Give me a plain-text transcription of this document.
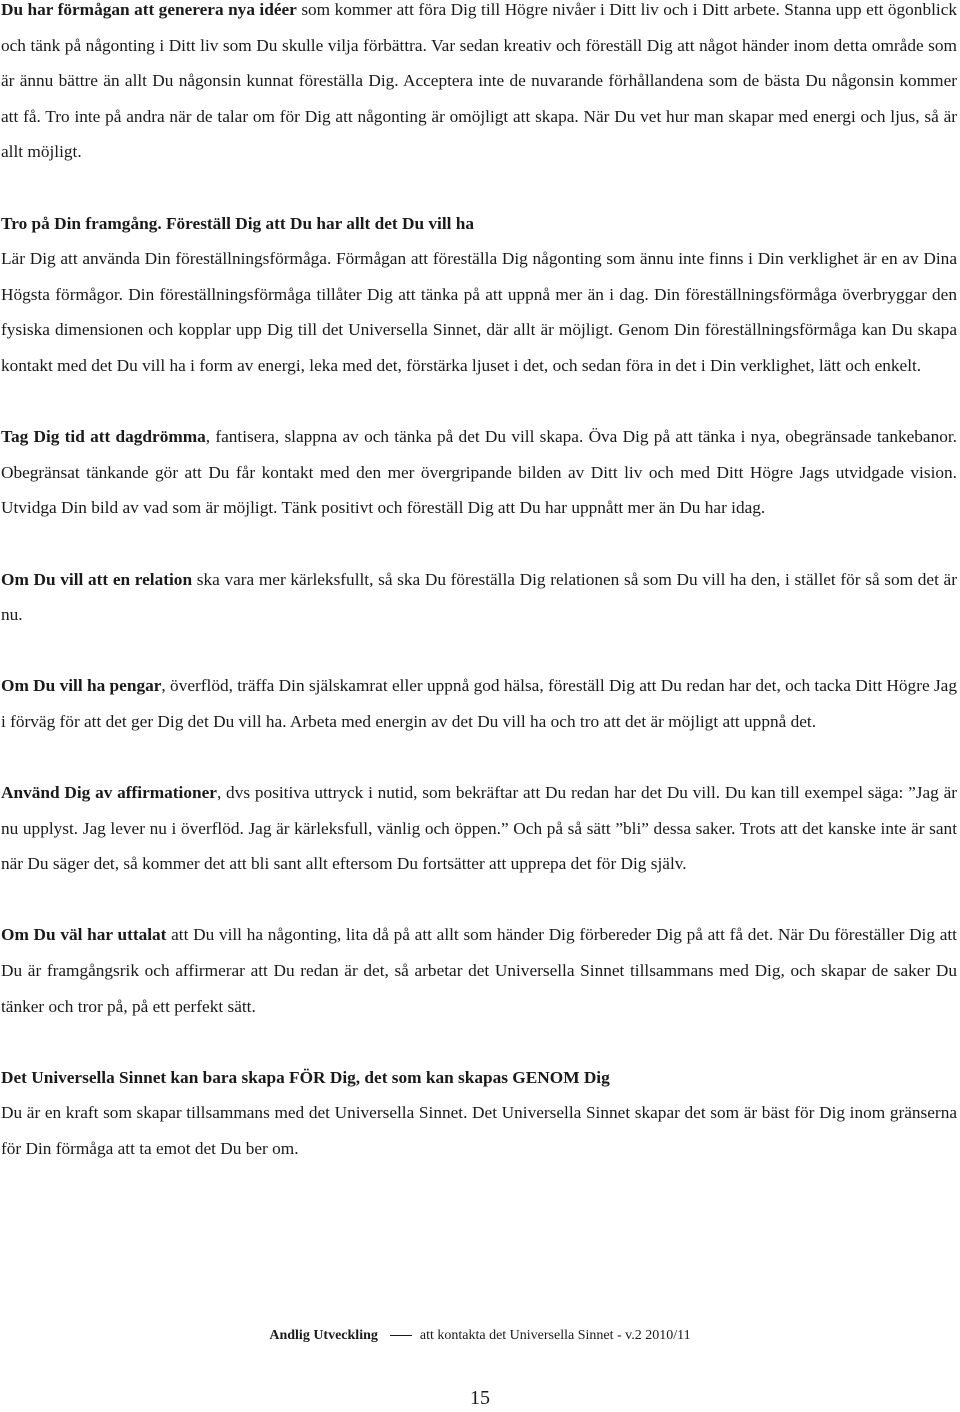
Du har förmågan att generera nya idéer som kommer att föra Dig till Högre nivåer i Ditt liv och i Ditt arbete. Stanna upp ett ögonblick och tänk på någonting i Ditt liv som Du skulle vilja förbättra. Var sedan kreativ och föreställ Dig att något händer inom detta område som är ännu bättre än allt Du någonsin kunnat föreställa Dig. Acceptera inte de nuvarande förhållandena som de bästa Du någonsin kommer att få. Tro inte på andra när de talar om för Dig att någonting är omöjligt att skapa. När Du vet hur man skapar med energi och ljus, så är allt möjligt.

Tro på Din framgång. Föreställ Dig att Du har allt det Du vill ha

Lär Dig att använda Din föreställningsförmåga. Förmågan att föreställa Dig någonting som ännu inte finns i Din verklighet är en av Dina Högsta förmågor. Din föreställningsförmåga tillåter Dig att tänka på att uppnå mer än i dag. Din föreställningsförmåga överbryggar den fysiska dimensionen och kopplar upp Dig till det Universella Sinnet, där allt är möjligt. Genom Din föreställningsförmåga kan Du skapa kontakt med det Du vill ha i form av energi, leka med det, förstärka ljuset i det, och sedan föra in det i Din verklighet, lätt och enkelt.

Tag Dig tid att dagdrömma, fantisera, slappna av och tänka på det Du vill skapa. Öva Dig på att tänka i nya, obegränsade tankebanor. Obegränsat tänkande gör att Du får kontakt med den mer övergripande bilden av Ditt liv och med Ditt Högre Jags utvidgade vision. Utvidga Din bild av vad som är möjligt. Tänk positivt och föreställ Dig att Du har uppnått mer än Du har idag.

Om Du vill att en relation ska vara mer kärleksfullt, så ska Du föreställa Dig relationen så som Du vill ha den, i stället för så som det är nu.

Om Du vill ha pengar, överflöd, träffa Din själskamrat eller uppnå god hälsa, föreställ Dig att Du redan har det, och tacka Ditt Högre Jag i förväg för att det ger Dig det Du vill ha. Arbeta med energin av det Du vill ha och tro att det är möjligt att uppnå det.

Använd Dig av affirmationer, dvs positiva uttryck i nutid, som bekräftar att Du redan har det Du vill. Du kan till exempel säga: ”Jag är nu upplyst. Jag lever nu i överflöd. Jag är kärleksfull, vänlig och öppen.” Och på så sätt ”bli” dessa saker. Trots att det kanske inte är sant när Du säger det, så kommer det att bli sant allt eftersom Du fortsätter att upprepa det för Dig själv.

Om Du väl har uttalat att Du vill ha någonting, lita då på att allt som händer Dig förbereder Dig på att få det. När Du föreställer Dig att Du är framgångsrik och affirmerar att Du redan är det, så arbetar det Universella Sinnet tillsammans med Dig, och skapar de saker Du tänker och tror på, på ett perfekt sätt.

Det Universella Sinnet kan bara skapa FÖR Dig, det som kan skapas GENOM Dig

Du är en kraft som skapar tillsammans med det Universella Sinnet. Det Universella Sinnet skapar det som är bäst för Dig inom gränserna för Din förmåga att ta emot det Du ber om.

Andlig Utveckling	att kontakta det Universella Sinnet - v.2 2010/11
15
